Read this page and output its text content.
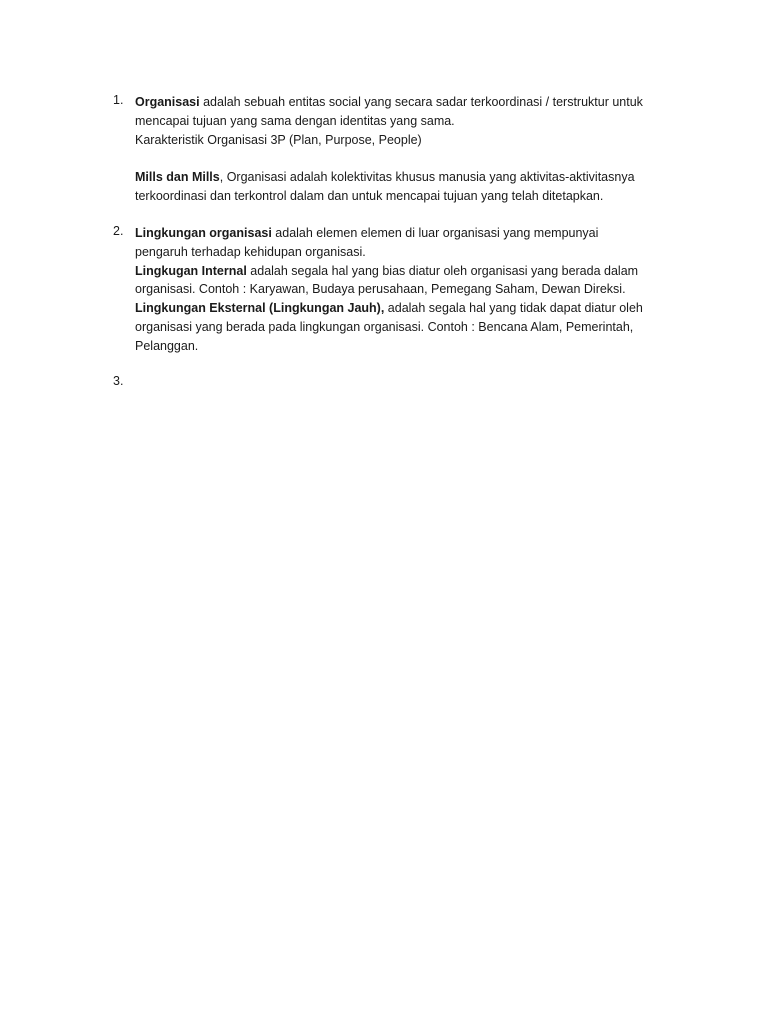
1. Organisasi adalah sebuah entitas social yang secara sadar terkoordinasi / terstruktur untuk mencapai tujuan yang sama dengan identitas yang sama.

Karakteristik Organisasi 3P (Plan, Purpose, People)

Mills dan Mills, Organisasi adalah kolektivitas khusus manusia yang aktivitas-aktivitasnya terkoordinasi dan terkontrol dalam dan untuk mencapai tujuan yang telah ditetapkan.

2. Lingkungan organisasi adalah elemen elemen di luar organisasi yang mempunyai pengaruh terhadap kehidupan organisasi.

Lingkugan Internal adalah segala hal yang bias diatur oleh organisasi yang berada dalam organisasi. Contoh : Karyawan, Budaya perusahaan, Pemegang Saham, Dewan Direksi.

Lingkungan Eksternal (Lingkungan Jauh), adalah segala hal yang tidak dapat diatur oleh organisasi yang berada pada lingkungan organisasi. Contoh : Bencana Alam, Pemerintah, Pelanggan.

3.
